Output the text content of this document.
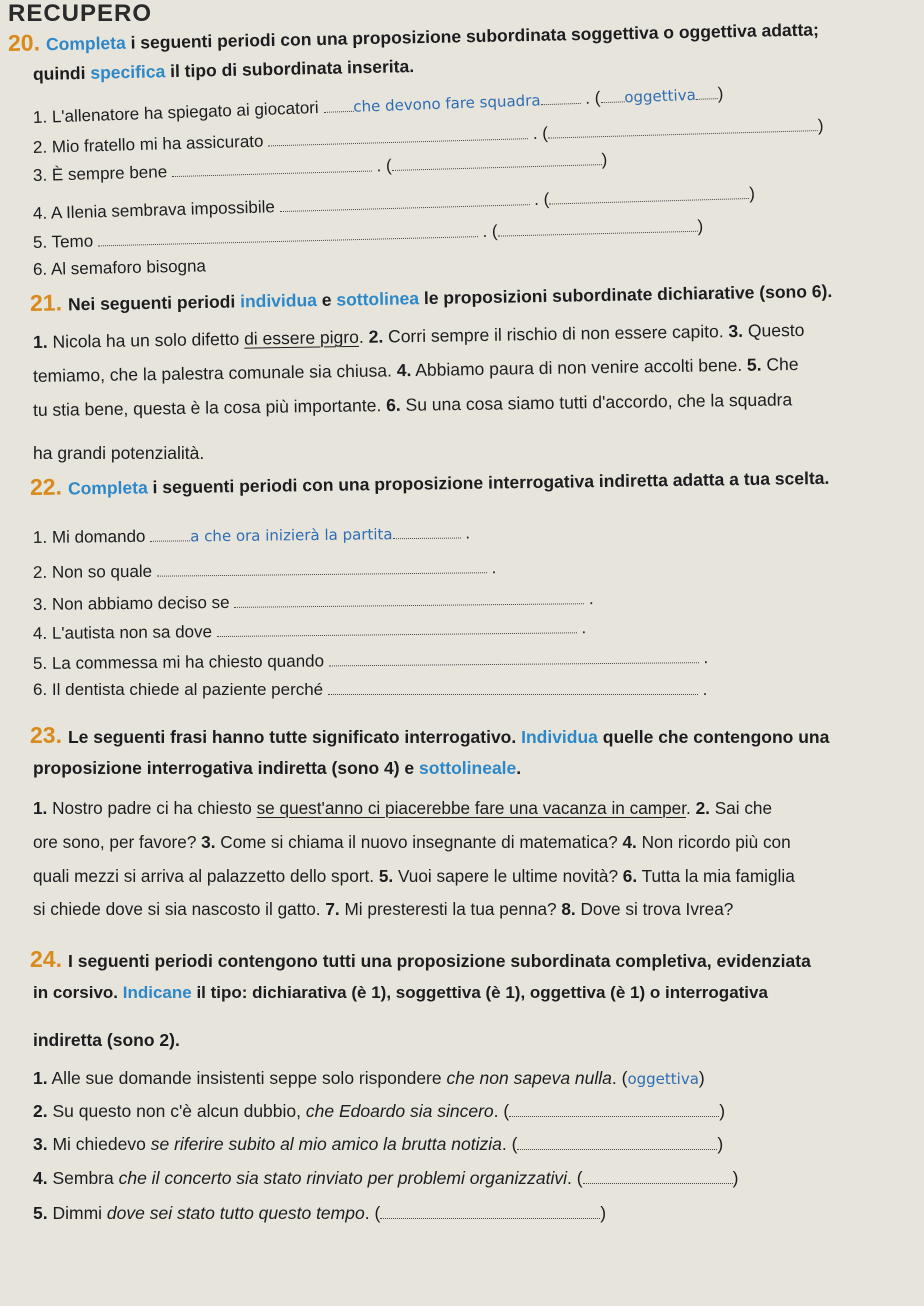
RECUPERO
20. Completa i seguenti periodi con una proposizione subordinata soggettiva o oggettiva adatta;
quindi specifica il tipo di subordinata inserita.
1. L'allenatore ha spiegato ai giocatori che devono fare squadra . ( oggettiva )
2. Mio fratello mi ha assicurato	. (	)
3. È sempre bene	. (	)
4. A Ilenia sembrava impossibile	. (	)
5. Temo  . (	)
6. Al semaforo bisogna
21. Nei seguenti periodi individua e sottolinea le proposizioni subordinate dichiarative (sono 6).
1. Nicola ha un solo difetto di essere pigro. 2. Corri sempre il rischio di non essere capito. 3. Questo
temiamo, che la palestra comunale sia chiusa. 4. Abbiamo paura di non venire accolti bene. 5. Che
tu stia bene, questa è la cosa più importante. 6. Su una cosa siamo tutti d'accordo, che la squadra
ha grandi potenzialità.
22. Completa i seguenti periodi con una proposizione interrogativa indiretta adatta a tua scelta.
1. Mi domando	a che ora inizierà la partita	.
2. Non so quale	.
3. Non abbiamo deciso se	.
4. L'autista non sa dove	.
5. La commessa mi ha chiesto quando	.
6. Il dentista chiede al paziente perché	.
23. Le seguenti frasi hanno tutte significato interrogativo. Individua quelle che contengono una
proposizione interrogativa indiretta (sono 4) e sottolineale.
1. Nostro padre ci ha chiesto se quest'anno ci piacerebbe fare una vacanza in camper. 2. Sai che
ore sono, per favore? 3. Come si chiama il nuovo insegnante di matematica? 4. Non ricordo più con
quali mezzi si arriva al palazzetto dello sport. 5. Vuoi sapere le ultime novità? 6. Tutta la mia famiglia
si chiede dove si sia nascosto il gatto. 7. Mi presteresti la tua penna? 8. Dove si trova Ivrea?
24. I seguenti periodi contengono tutti una proposizione subordinata completiva, evidenziata
in corsivo. Indicane il tipo: dichiarativa (è 1), soggettiva (è 1), oggettiva (è 1) o interrogativa
indiretta (sono 2).
1. Alle sue domande insistenti seppe solo rispondere che non sapeva nulla. (oggettiva)
2. Su questo non c'è alcun dubbio, che Edoardo sia sincero. (	)
3. Mi chiedevo se riferire subito al mio amico la brutta notizia. (	)
4. Sembra che il concerto sia stato rinviato per problemi organizzativi. (	)
5. Dimmi dove sei stato tutto questo tempo. (	)
